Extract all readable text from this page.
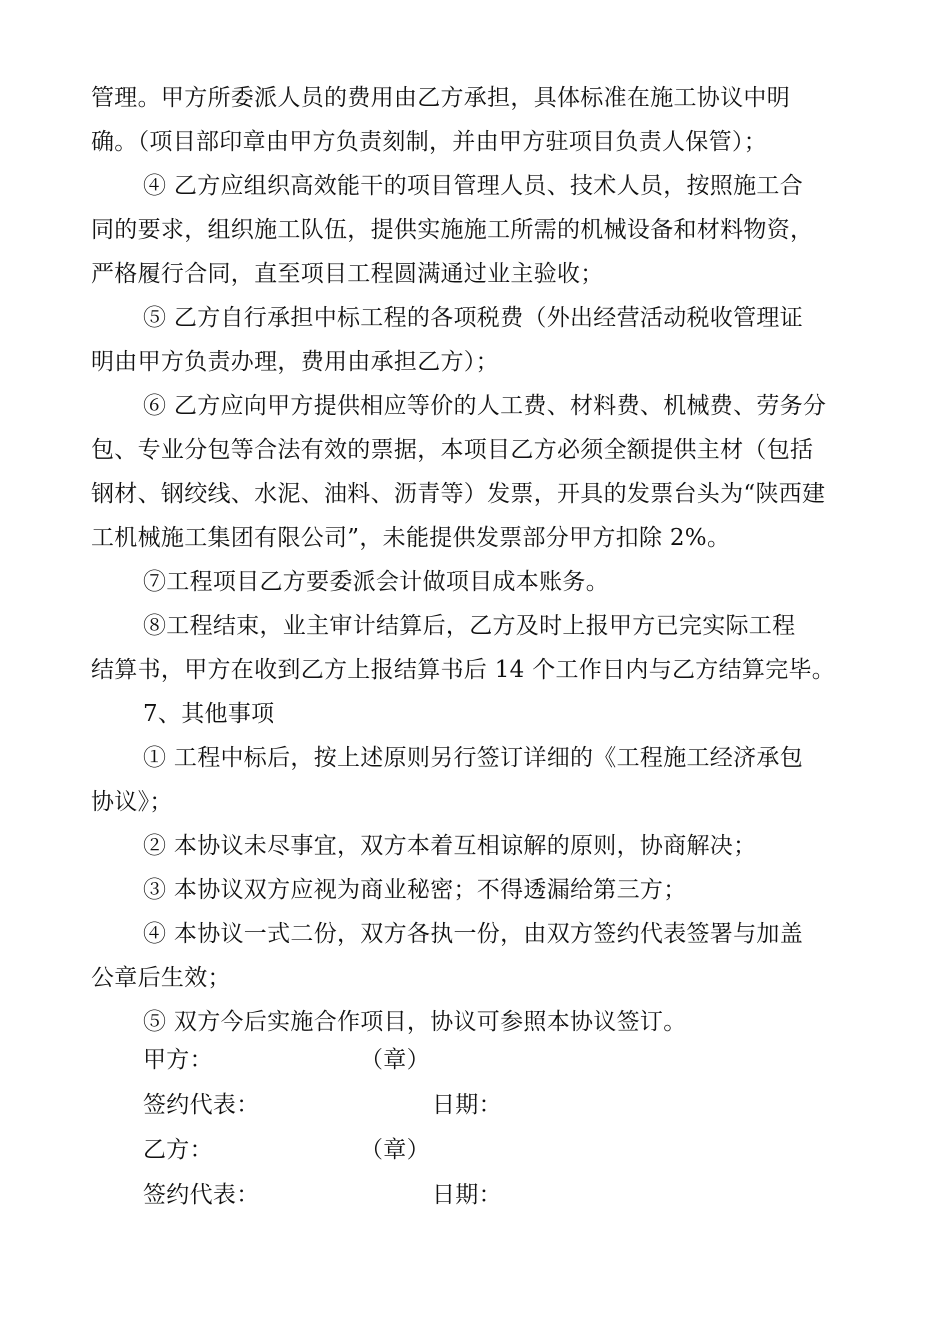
管理。甲方所委派人员的费用由乙方承担，具体标准在施工协议中明
确。（项目部印章由甲方负责刻制，并由甲方驻项目负责人保管）；
④ 乙方应组织高效能干的项目管理人员、技术人员，按照施工合
同的要求，组织施工队伍，提供实施施工所需的机械设备和材料物资，
严格履行合同，直至项目工程圆满通过业主验收；
⑤ 乙方自行承担中标工程的各项税费（外出经营活动税收管理证
明由甲方负责办理，费用由承担乙方）；
⑥ 乙方应向甲方提供相应等价的人工费、材料费、机械费、劳务分
包、专业分包等合法有效的票据，本项目乙方必须全额提供主材（包括
钢材、钢绞线、水泥、油料、沥青等）发票，开具的发票台头为“陕西建
工机械施工集团有限公司”，未能提供发票部分甲方扣除 2%。
⑦工程项目乙方要委派会计做项目成本账务。
⑧工程结束，业主审计结算后，乙方及时上报甲方已完实际工程
结算书，甲方在收到乙方上报结算书后 14 个工作日内与乙方结算完毕。
7、其他事项
① 工程中标后，按上述原则另行签订详细的《工程施工经济承包
协议》；
② 本协议未尽事宜，双方本着互相谅解的原则，协商解决；
③ 本协议双方应视为商业秘密；不得透漏给第三方；
④ 本协议一式二份，双方各执一份，由双方签约代表签署与加盖
公章后生效；
⑤ 双方今后实施合作项目，协议可参照本协议签订。
甲方：	（章）
签约代表：	日期：
乙方：	（章）
签约代表：	日期：
